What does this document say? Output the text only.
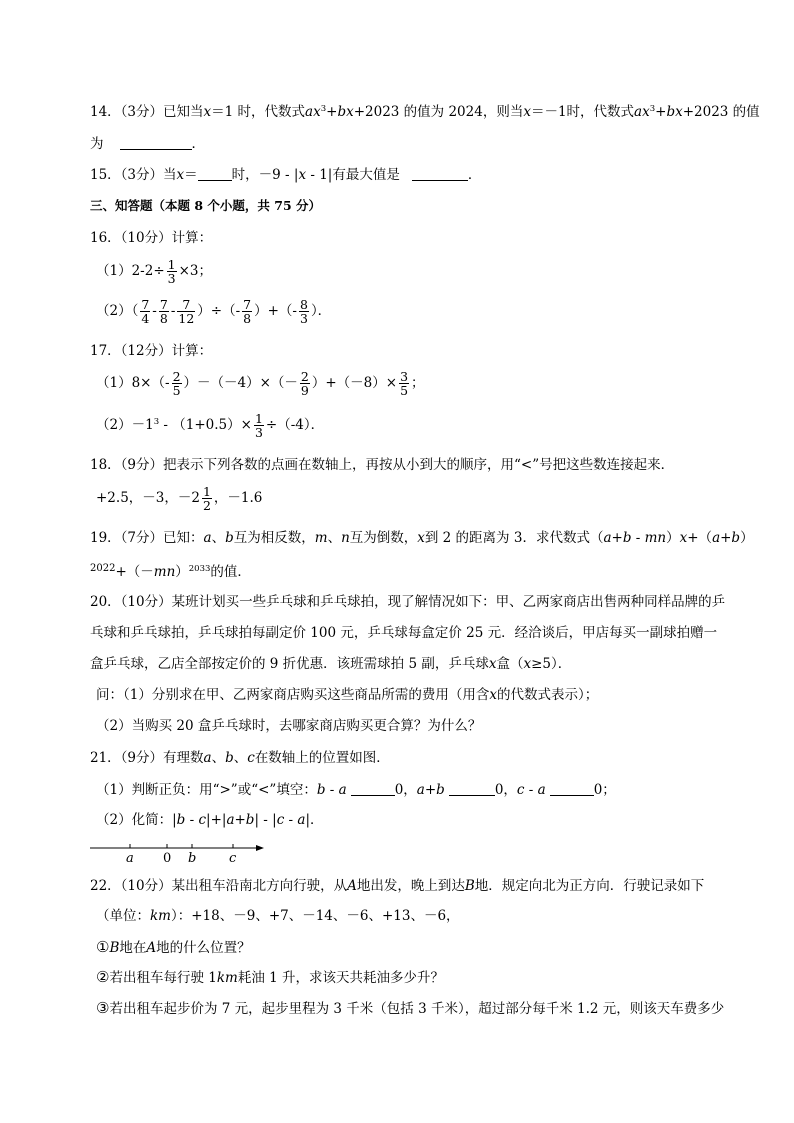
14．（3分）已知当x＝1 时，代数式$ax^3+bx+2023$ 的值为 2024，则当x＝－1时，代数式$ax^3+bx+2023$ 的值
为	．
15．（3分）当x＝	时，－9 - |x - 1|有最大值是	．
三、知答题（本题 8 个小题，共 75 分）
16．（10分）计算：
$(1)2-2\div \frac{1}{3} \times 3$；
$(2)( \frac{7}{4} - \frac{7}{8} - \frac{7}{12}$ ）÷（- $\frac{7}{8}$ ）+（- $\frac{8}{3}$ ）．
17．（12分）计算：
$(1)8\times(- \frac{2}{5} )-(-4)\times(- \frac{2}{9} )+(-8)\times \frac{3}{5}$ ；
$(2)-1^3 - (1+0.5)\times \frac{1}{3} \div(-4)$．
18．（9分）把表示下列各数的点画在数轴上，再按从小到大的顺序，用“<”号把这些数连接起来．
+2.5，－3，$-2 \frac{1}{2}$ ，－1.6
19．（7分）已知：a、b互为相反数，m、n互为倒数，x到 2 的距离为 3．求代数式（a+b - mn）x+（a+b）
$^{2022}+(-mn)^{2033}$的值．
20．（10分）某班计划买一些乒乓球和乒乓球拍，现了解情况如下：甲、乙两家商店出售两种同样品牌的乒
乓球和乒乓球拍，乒乓球拍每副定价 100 元，乒乓球每盒定价 25 元．经洽谈后，甲店每买一副球拍赠一
盒乒乓球，乙店全部按定价的 9 折优惠．该班需球拍 5 副，乒乓球x盒（x≥5）．
问：（1）分别求在甲、乙两家商店购买这些商品所需的费用（用含x的代数式表示）；
（2）当购买 20 盒乒乓球时，去哪家商店购买更合算？为什么？
21．（9分）有理数a、b、c在数轴上的位置如图．
（1）判断正负：用“>”或“<”填空：b - a	0，a+b	0，c - a	0；
（2）化简：|b - c|+|a+b| - |c - a|．
a 0 b	c
22．（10分）某出租车沿南北方向行驶，从A地出发，晚上到达B地．规定向北为正方向．行驶记录如下
（单位：km）：+18、－9、+7、－14、－6、+13、－6，
①B地在A地的什么位置？
②若出租车每行驶 1km耗油 1 升，求该天共耗油多少升？
③若出租车起步价为 7 元，起步里程为 3 千米（包括 3 千米），超过部分每千米 1.2 元，则该天车费多少
